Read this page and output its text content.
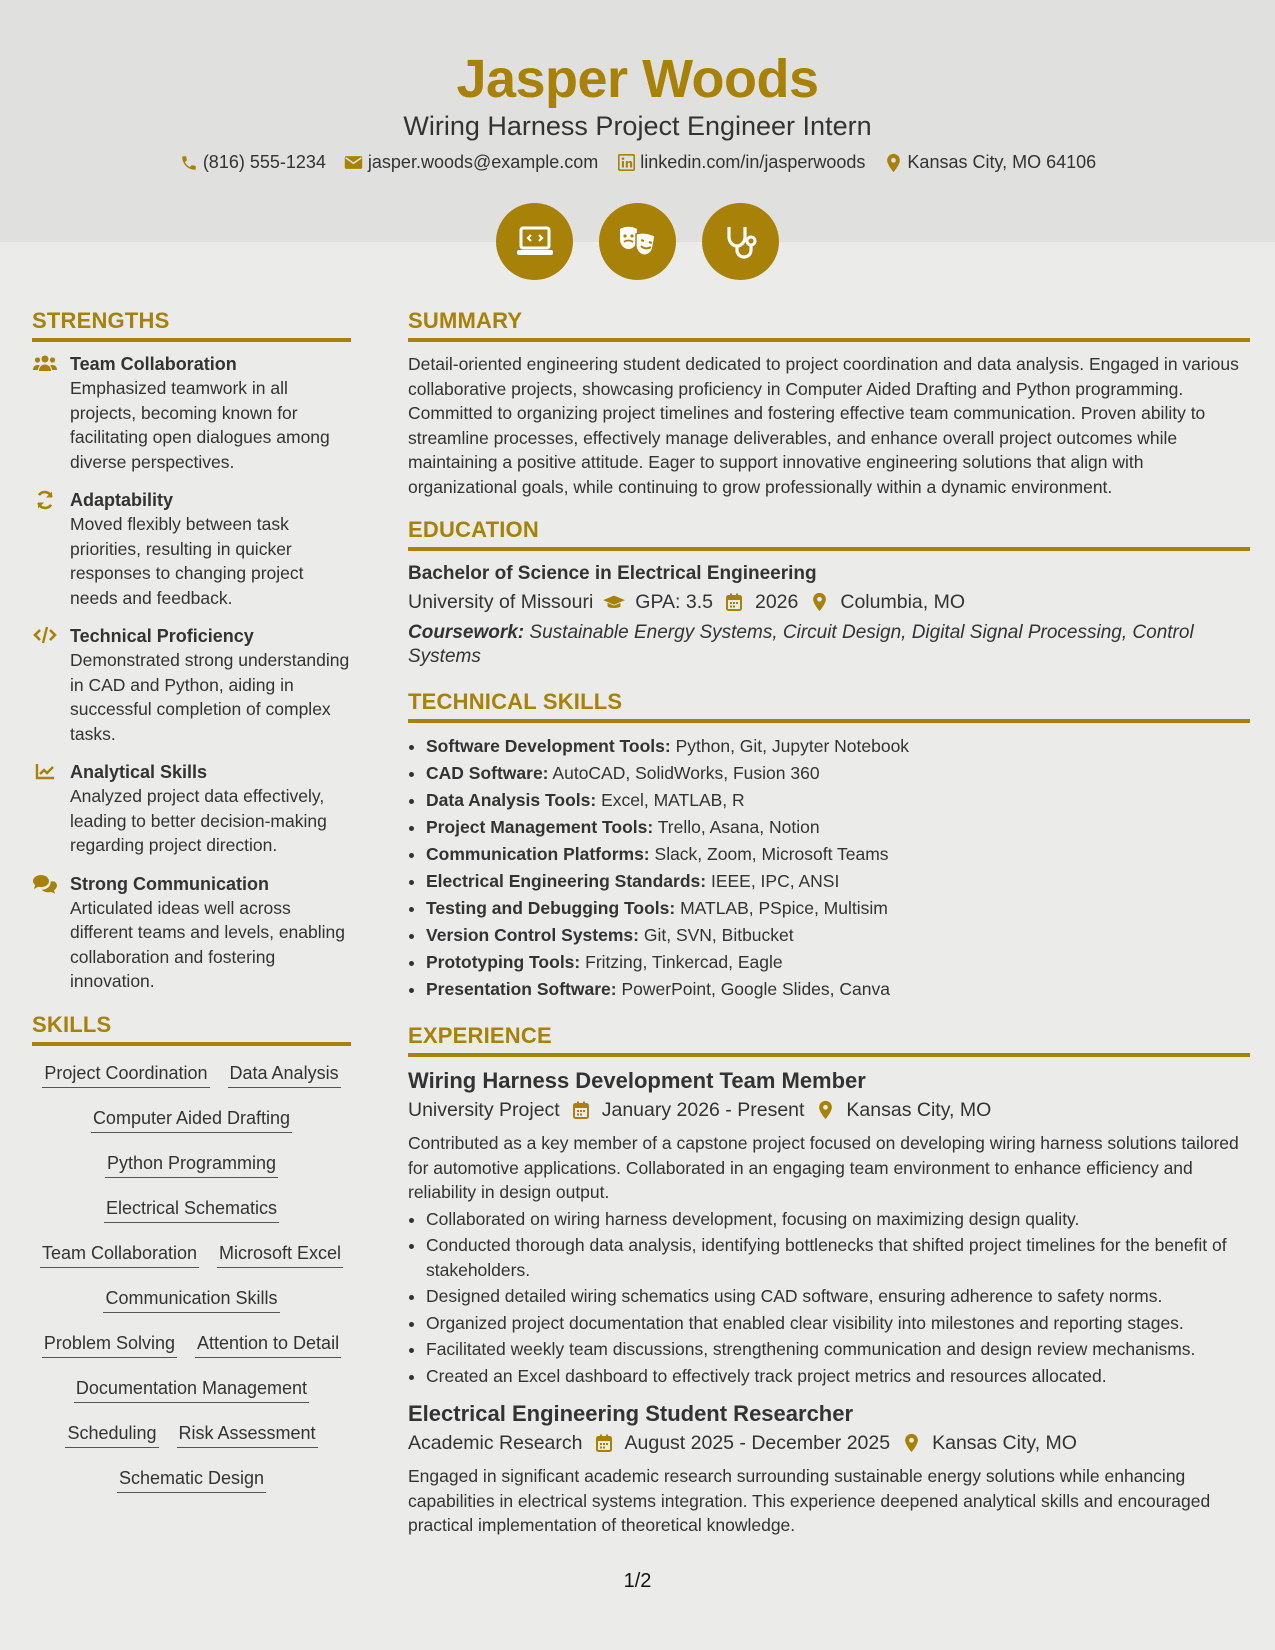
Jasper Woods
Wiring Harness Project Engineer Intern
(816) 555-1234 jasper.woods@example.com linkedin.com/in/jasperwoods Kansas City, MO 64106
STRENGTHS
Team Collaboration
Emphasized teamwork in all projects, becoming known for facilitating open dialogues among diverse perspectives.
Adaptability
Moved flexibly between task priorities, resulting in quicker responses to changing project needs and feedback.
Technical Proficiency
Demonstrated strong understanding in CAD and Python, aiding in successful completion of complex tasks.
Analytical Skills
Analyzed project data effectively, leading to better decision-making regarding project direction.
Strong Communication
Articulated ideas well across different teams and levels, enabling collaboration and fostering innovation.
SKILLS
Project Coordination Data Analysis
Computer Aided Drafting
Python Programming
Electrical Schematics
Team Collaboration Microsoft Excel
Communication Skills
Problem Solving Attention to Detail
Documentation Management
Scheduling Risk Assessment
Schematic Design
SUMMARY
Detail-oriented engineering student dedicated to project coordination and data analysis. Engaged in various collaborative projects, showcasing proficiency in Computer Aided Drafting and Python programming. Committed to organizing project timelines and fostering effective team communication. Proven ability to streamline processes, effectively manage deliverables, and enhance overall project outcomes while maintaining a positive attitude. Eager to support innovative engineering solutions that align with organizational goals, while continuing to grow professionally within a dynamic environment.
EDUCATION
Bachelor of Science in Electrical Engineering
University of Missouri GPA: 3.5 2026 Columbia, MO
Coursework: Sustainable Energy Systems, Circuit Design, Digital Signal Processing, Control Systems
TECHNICAL SKILLS
• Software Development Tools: Python, Git, Jupyter Notebook
• CAD Software: AutoCAD, SolidWorks, Fusion 360
• Data Analysis Tools: Excel, MATLAB, R
• Project Management Tools: Trello, Asana, Notion
• Communication Platforms: Slack, Zoom, Microsoft Teams
• Electrical Engineering Standards: IEEE, IPC, ANSI
• Testing and Debugging Tools: MATLAB, PSpice, Multisim
• Version Control Systems: Git, SVN, Bitbucket
• Prototyping Tools: Fritzing, Tinkercad, Eagle
• Presentation Software: PowerPoint, Google Slides, Canva
EXPERIENCE
Wiring Harness Development Team Member
University Project January 2026 - Present Kansas City, MO
Contributed as a key member of a capstone project focused on developing wiring harness solutions tailored for automotive applications. Collaborated in an engaging team environment to enhance efficiency and reliability in design output.
• Collaborated on wiring harness development, focusing on maximizing design quality.
• Conducted thorough data analysis, identifying bottlenecks that shifted project timelines for the benefit of stakeholders.
• Designed detailed wiring schematics using CAD software, ensuring adherence to safety norms.
• Organized project documentation that enabled clear visibility into milestones and reporting stages.
• Facilitated weekly team discussions, strengthening communication and design review mechanisms.
• Created an Excel dashboard to effectively track project metrics and resources allocated.
Electrical Engineering Student Researcher
Academic Research August 2025 - December 2025 Kansas City, MO
Engaged in significant academic research surrounding sustainable energy solutions while enhancing capabilities in electrical systems integration. This experience deepened analytical skills and encouraged practical implementation of theoretical knowledge.
1/2
